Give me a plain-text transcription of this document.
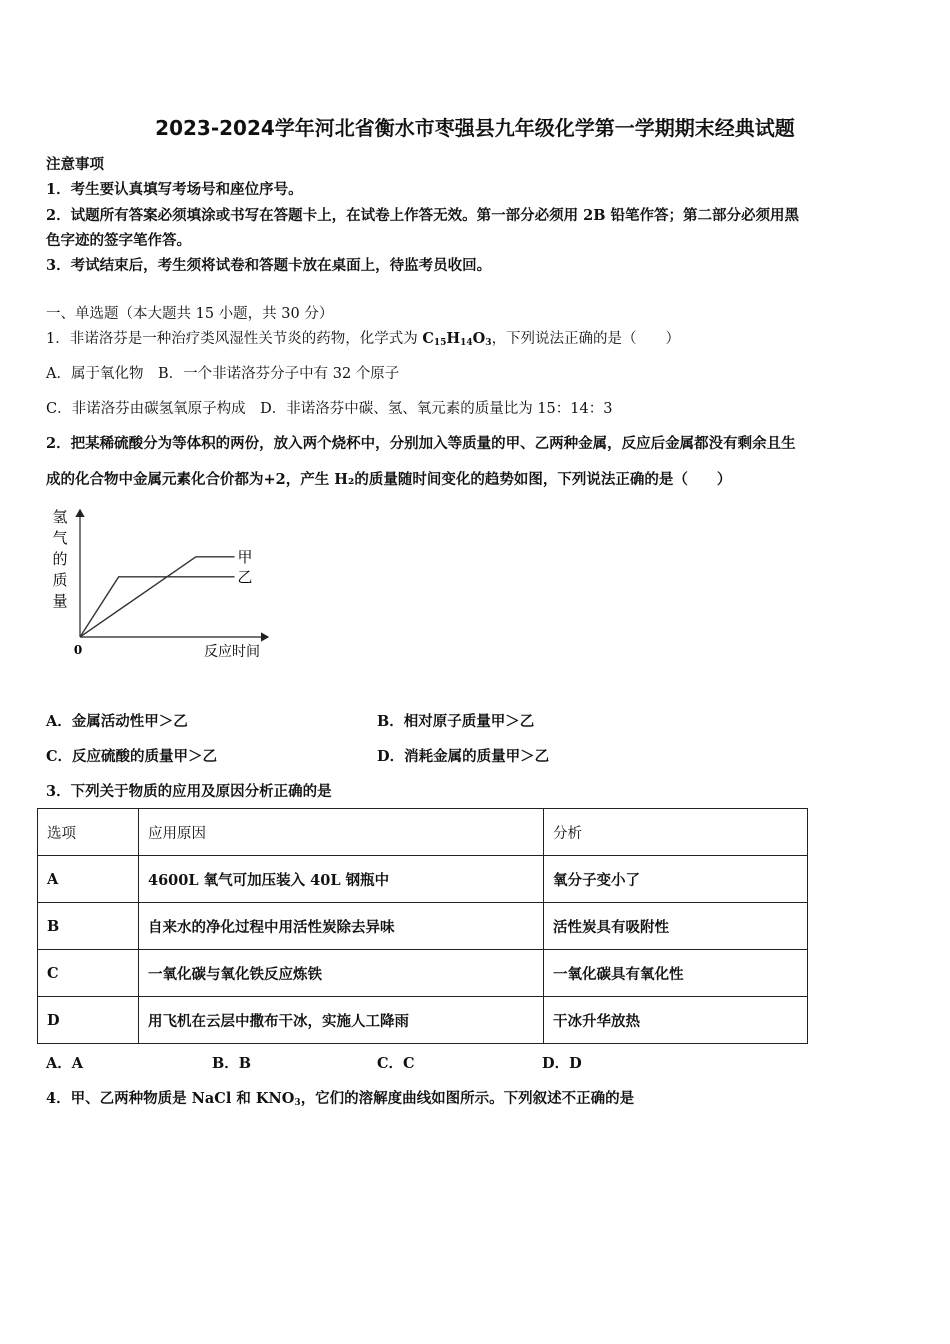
2023-2024学年河北省衡水市枣强县九年级化学第一学期期末经典试题
注意事项
1．考生要认真填写考场号和座位序号。
2．试题所有答案必须填涂或书写在答题卡上，在试卷上作答无效。第一部分必须用 2B 铅笔作答；第二部分必须用黑
色字迹的签字笔作答。
3．考试结束后，考生须将试卷和答题卡放在桌面上，待监考员收回。
一、单选题（本大题共 15 小题，共 30 分）
1．非诺洛芬是一种治疗类风湿性关节炎的药物，化学式为 $C_{15}H_{14}O_3$，下列说法正确的是（　　）
A．属于氧化物　B．一个非诺洛芬分子中有 32 个原子
C．非诺洛芬由碳氢氧原子构成　D．非诺洛芬中碳、氢、氧元素的质量比为 15：14：3
2．把某稀硫酸分为等体积的两份，放入两个烧杯中，分别加入等质量的甲、乙两种金属，反应后金属都没有剩余且生
成的化合物中金属元素化合价都为+2，产生 H₂的质量随时间变化的趋势如图，下列说法正确的是（　　）
氢
气
的
质
量
0	反应时间
甲
乙
A．金属活动性甲＞乙	B．相对原子质量甲＞乙
C．反应硫酸的质量甲＞乙	D．消耗金属的质量甲＞乙
3．下列关于物质的应用及原因分析正确的是
选项	应用原因	分析
A	4600L 氧气可加压装入 40L 钢瓶中	氧分子变小了
B	自来水的净化过程中用活性炭除去异味	活性炭具有吸附性
C	一氧化碳与氧化铁反应炼铁	一氧化碳具有氧化性
D	用飞机在云层中撒布干冰，实施人工降雨	干冰升华放热
A．A	B．B	C．C	D．D
4．甲、乙两种物质是 NaCl 和 $KNO_3$，它们的溶解度曲线如图所示。下列叙述不正确的是
